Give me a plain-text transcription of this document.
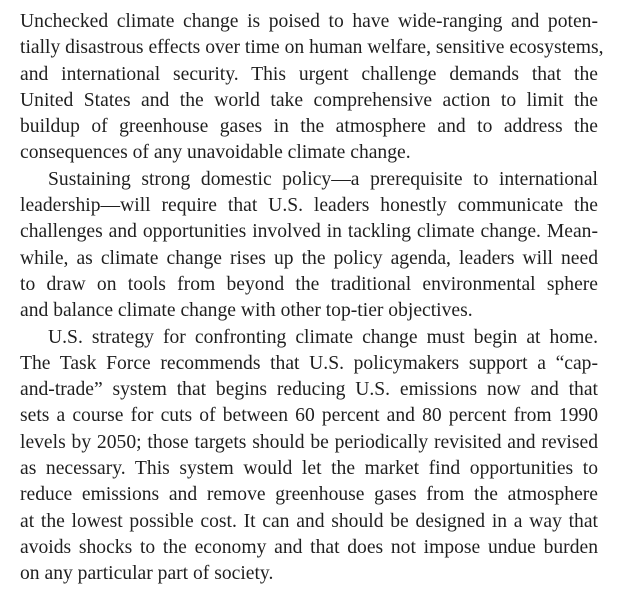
Unchecked climate change is poised to have wide-ranging and poten-
tially disastrous effects over time on human welfare, sensitive ecosystems,
and international security. This urgent challenge demands that the
United States and the world take comprehensive action to limit the
buildup of greenhouse gases in the atmosphere and to address the
consequences of any unavoidable climate change.
Sustaining strong domestic policy—a prerequisite to international
leadership—will require that U.S. leaders honestly communicate the
challenges and opportunities involved in tackling climate change. Mean-
while, as climate change rises up the policy agenda, leaders will need
to draw on tools from beyond the traditional environmental sphere
and balance climate change with other top-tier objectives.
U.S. strategy for confronting climate change must begin at home.
The Task Force recommends that U.S. policymakers support a “cap-
and-trade” system that begins reducing U.S. emissions now and that
sets a course for cuts of between 60 percent and 80 percent from 1990
levels by 2050; those targets should be periodically revisited and revised
as necessary. This system would let the market find opportunities to
reduce emissions and remove greenhouse gases from the atmosphere
at the lowest possible cost. It can and should be designed in a way that
avoids shocks to the economy and that does not impose undue burden
on any particular part of society.
